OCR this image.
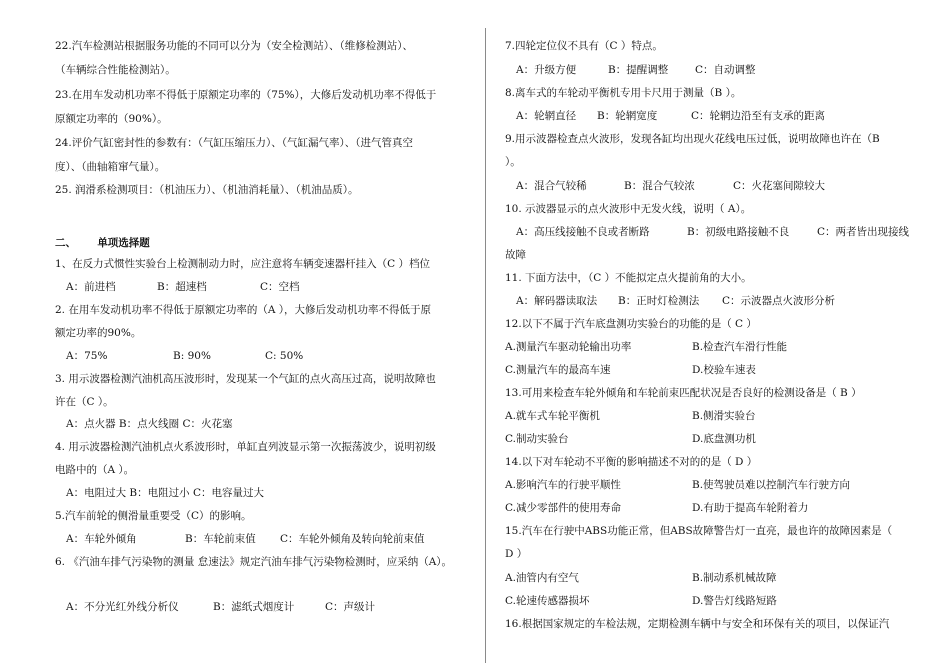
22.汽车检测站根据服务功能的不同可以分为（安全检测站）、（维修检测站）、
（车辆综合性能检测站）。
23.在用车发动机功率不得低于原额定功率的（75%），大修后发动机功率不得低于
原额定功率的（90%）。
24.评价气缸密封性的参数有：（气缸压缩压力）、（气缸漏气率）、（进气管真空
度）、（曲轴箱窜气量）。
25. 润滑系检测项目：（机油压力）、（机油消耗量）、（机油品质）。
二、 单项选择题
1、在反力式惯性实验台上检测制动力时，应注意将车辆变速器杆挂入（C ）档位
A：前进档	B：超速档	C：空档
2. 在用车发动机功率不得低于原额定功率的（A ），大修后发动机功率不得低于原
额定功率的90%。
A：75%	B: 90%	C: 50%
3. 用示波器检测汽油机高压波形时，发现某一个气缸的点火高压过高，说明故障也
许在（C ）。
A：点火器 B：点火线圈 C：火花塞
4. 用示波器检测汽油机点火系波形时，单缸直列波显示第一次振荡波少，说明初级
电路中的（A ）。
A：电阻过大 B：电阻过小 C：电容量过大
5.汽车前轮的侧滑量重要受（C）的影响。
A：车轮外倾角	B：车轮前束值 C：车轮外倾角及转向轮前束值
6. 《汽油车排气污染物的测量 怠速法》规定汽油车排气污染物检测时，应采纳（A）。
A：不分光红外线分析仪	B：滤纸式烟度计	C：声级计
7.四轮定位仪不具有（C ）特点。
A：升级方便	B：提醒调整	C：自动调整
8.离车式的车轮动平衡机专用卡尺用于测量（B ）。
A：轮辋直径 B：轮辋宽度	C：轮辋边沿至有支承的距离
9.用示波器检查点火波形，发现各缸均出现火花线电压过低，说明故障也许在（B
）。
A：混合气较稀	B：混合气较浓	C：火花塞间隙较大
10. 示波器显示的点火波形中无发火线，说明（ A）。
A：高压线接触不良或者断路	B：初级电路接触不良	C：两者皆出现接线
故障
11. 下面方法中，（C ）不能拟定点火提前角的大小。
A：解码器读取法 B：正时灯检测法 C：示波器点火波形分析
12.以下不属于汽车底盘测功实验台的功能的是（ C ）
A.测量汽车驱动轮输出功率	B.检查汽车滑行性能
C.测量汽车的最高车速	D.校验车速表
13.可用来检查车轮外倾角和车轮前束匹配状况是否良好的检测设备是（ B ）
A.就车式车轮平衡机	B.侧滑实验台
C.制动实验台	D.底盘测功机
14.以下对车轮动不平衡的影响描述不对的的是（ D ）
A.影响汽车的行驶平顺性	B.使驾驶员难以控制汽车行驶方向
C.减少零部件的使用寿命	D.有助于提高车轮附着力
15.汽车在行驶中ABS功能正常，但ABS故障警告灯一直亮，最也许的故障因素是（
D ）
A.油管内有空气	B.制动系机械故障
C.轮速传感器损坏	D.警告灯线路短路
16.根据国家规定的车检法规，定期检测车辆中与安全和环保有关的项目，以保证汽
